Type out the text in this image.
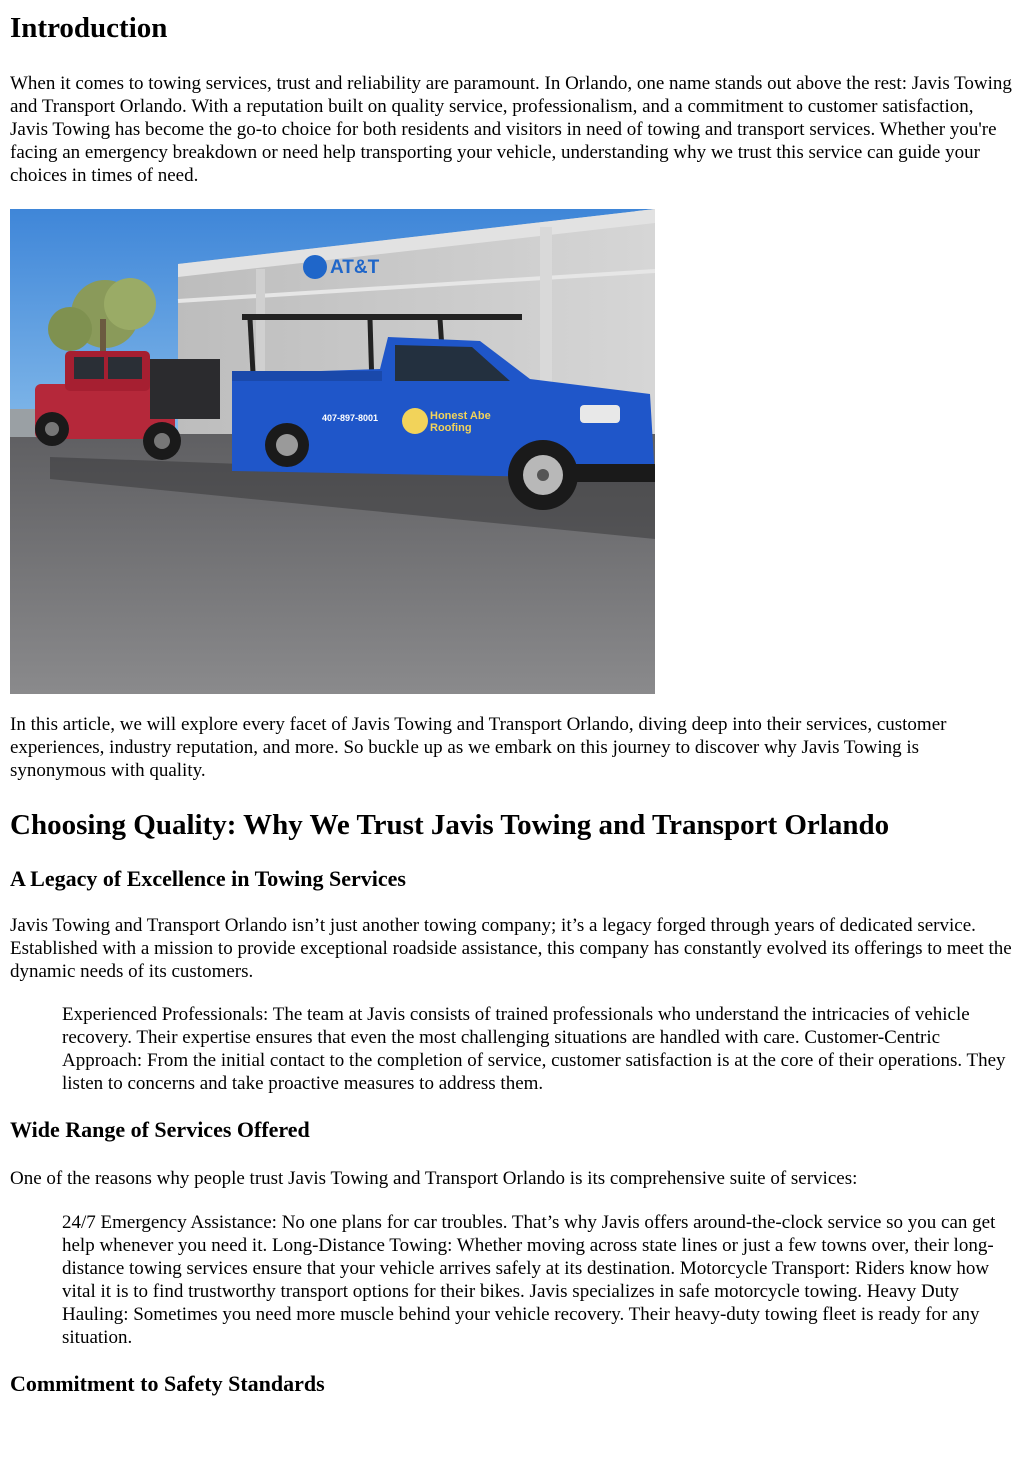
Introduction

When it comes to towing services, trust and reliability are paramount. In Orlando, one name stands out above the rest: Javis Towing and Transport Orlando. With a reputation built on quality service, professionalism, and a commitment to customer satisfaction, Javis Towing has become the go-to choice for both residents and visitors in need of towing and transport services. Whether you're facing an emergency breakdown or need help transporting your vehicle, understanding why we trust this service can guide your choices in times of need.

AT&T
Honest Abe
Roofing
407-897-8001

In this article, we will explore every facet of Javis Towing and Transport Orlando, diving deep into their services, customer experiences, industry reputation, and more. So buckle up as we embark on this journey to discover why Javis Towing is synonymous with quality.

Choosing Quality: Why We Trust Javis Towing and Transport Orlando
A Legacy of Excellence in Towing Services

Javis Towing and Transport Orlando isn’t just another towing company; it’s a legacy forged through years of dedicated service. Established with a mission to provide exceptional roadside assistance, this company has constantly evolved its offerings to meet the dynamic needs of its customers.

Experienced Professionals: The team at Javis consists of trained professionals who understand the intricacies of vehicle recovery. Their expertise ensures that even the most challenging situations are handled with care. Customer-Centric Approach: From the initial contact to the completion of service, customer satisfaction is at the core of their operations. They listen to concerns and take proactive measures to address them.
Wide Range of Services Offered

One of the reasons why people trust Javis Towing and Transport Orlando is its comprehensive suite of services:

24/7 Emergency Assistance: No one plans for car troubles. That’s why Javis offers around-the-clock service so you can get help whenever you need it. Long-Distance Towing: Whether moving across state lines or just a few towns over, their long-distance towing services ensure that your vehicle arrives safely at its destination. Motorcycle Transport: Riders know how vital it is to find trustworthy transport options for their bikes. Javis specializes in safe motorcycle towing. Heavy Duty Hauling: Sometimes you need more muscle behind your vehicle recovery. Their heavy-duty towing fleet is ready for any situation.
Commitment to Safety Standards
